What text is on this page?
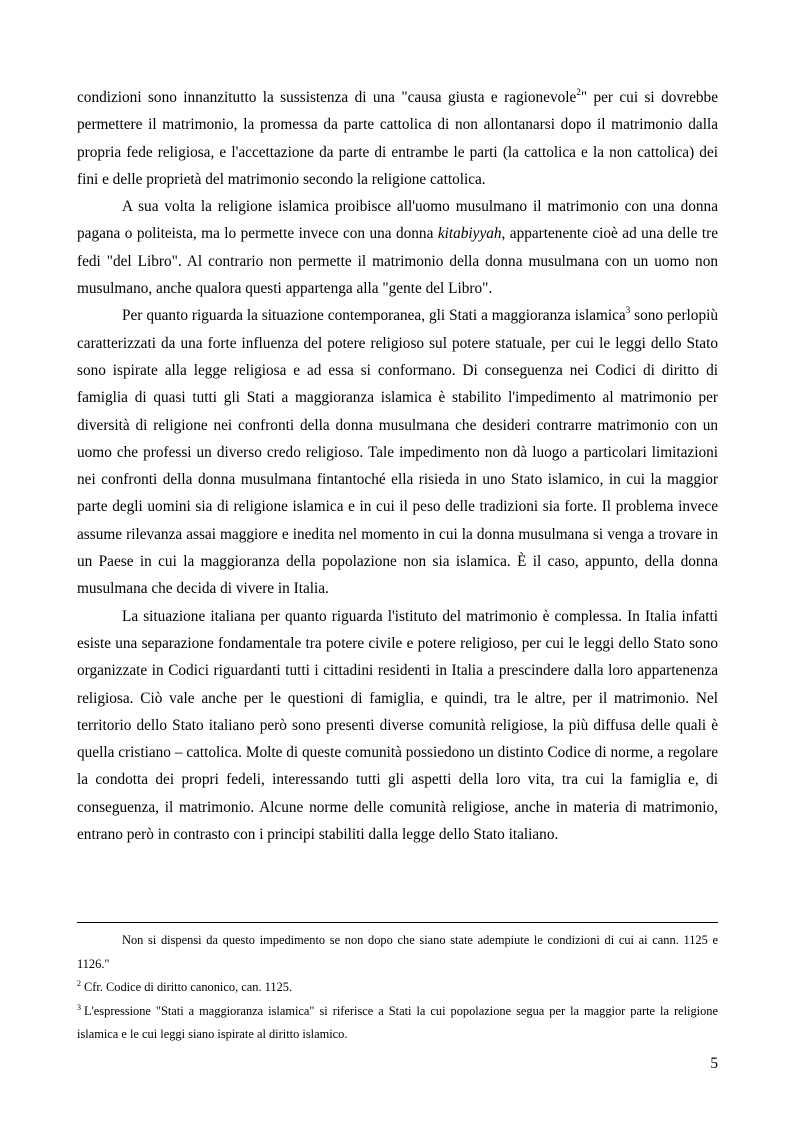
condizioni sono innanzitutto la sussistenza di una "causa giusta e ragionevole$^2$" per cui si dovrebbe permettere il matrimonio, la promessa da parte cattolica di non allontanarsi dopo il matrimonio dalla propria fede religiosa, e l'accettazione da parte di entrambe le parti (la cattolica e la non cattolica) dei fini e delle proprietà del matrimonio secondo la religione cattolica.

A sua volta la religione islamica proibisce all'uomo musulmano il matrimonio con una donna pagana o politeista, ma lo permette invece con una donna kitabiyyah, appartenente cioè ad una delle tre fedi "del Libro". Al contrario non permette il matrimonio della donna musulmana con un uomo non musulmano, anche qualora questi appartenga alla "gente del Libro".

Per quanto riguarda la situazione contemporanea, gli Stati a maggioranza islamica$^3$ sono perlopiù caratterizzati da una forte influenza del potere religioso sul potere statuale, per cui le leggi dello Stato sono ispirate alla legge religiosa e ad essa si conformano. Di conseguenza nei Codici di diritto di famiglia di quasi tutti gli Stati a maggioranza islamica è stabilito l'impedimento al matrimonio per diversità di religione nei confronti della donna musulmana che desideri contrarre matrimonio con un uomo che professi un diverso credo religioso. Tale impedimento non dà luogo a particolari limitazioni nei confronti della donna musulmana fintantoché ella risieda in uno Stato islamico, in cui la maggior parte degli uomini sia di religione islamica e in cui il peso delle tradizioni sia forte. Il problema invece assume rilevanza assai maggiore e inedita nel momento in cui la donna musulmana si venga a trovare in un Paese in cui la maggioranza della popolazione non sia islamica. È il caso, appunto, della donna musulmana che decida di vivere in Italia.

La situazione italiana per quanto riguarda l'istituto del matrimonio è complessa. In Italia infatti esiste una separazione fondamentale tra potere civile e potere religioso, per cui le leggi dello Stato sono organizzate in Codici riguardanti tutti i cittadini residenti in Italia a prescindere dalla loro appartenenza religiosa. Ciò vale anche per le questioni di famiglia, e quindi, tra le altre, per il matrimonio. Nel territorio dello Stato italiano però sono presenti diverse comunità religiose, la più diffusa delle quali è quella cristiano – cattolica. Molte di queste comunità possiedono un distinto Codice di norme, a regolare la condotta dei propri fedeli, interessando tutti gli aspetti della loro vita, tra cui la famiglia e, di conseguenza, il matrimonio. Alcune norme delle comunità religiose, anche in materia di matrimonio, entrano però in contrasto con i principi stabiliti dalla legge dello Stato italiano.

Non si dispensi da questo impedimento se non dopo che siano state adempiute le condizioni di cui ai cann. 1125 e 1126."

$^2$ Cfr. Codice di diritto canonico, can. 1125.

$^3$ L'espressione "Stati a maggioranza islamica" si riferisce a Stati la cui popolazione segua per la maggior parte la religione islamica e le cui leggi siano ispirate al diritto islamico.

5
